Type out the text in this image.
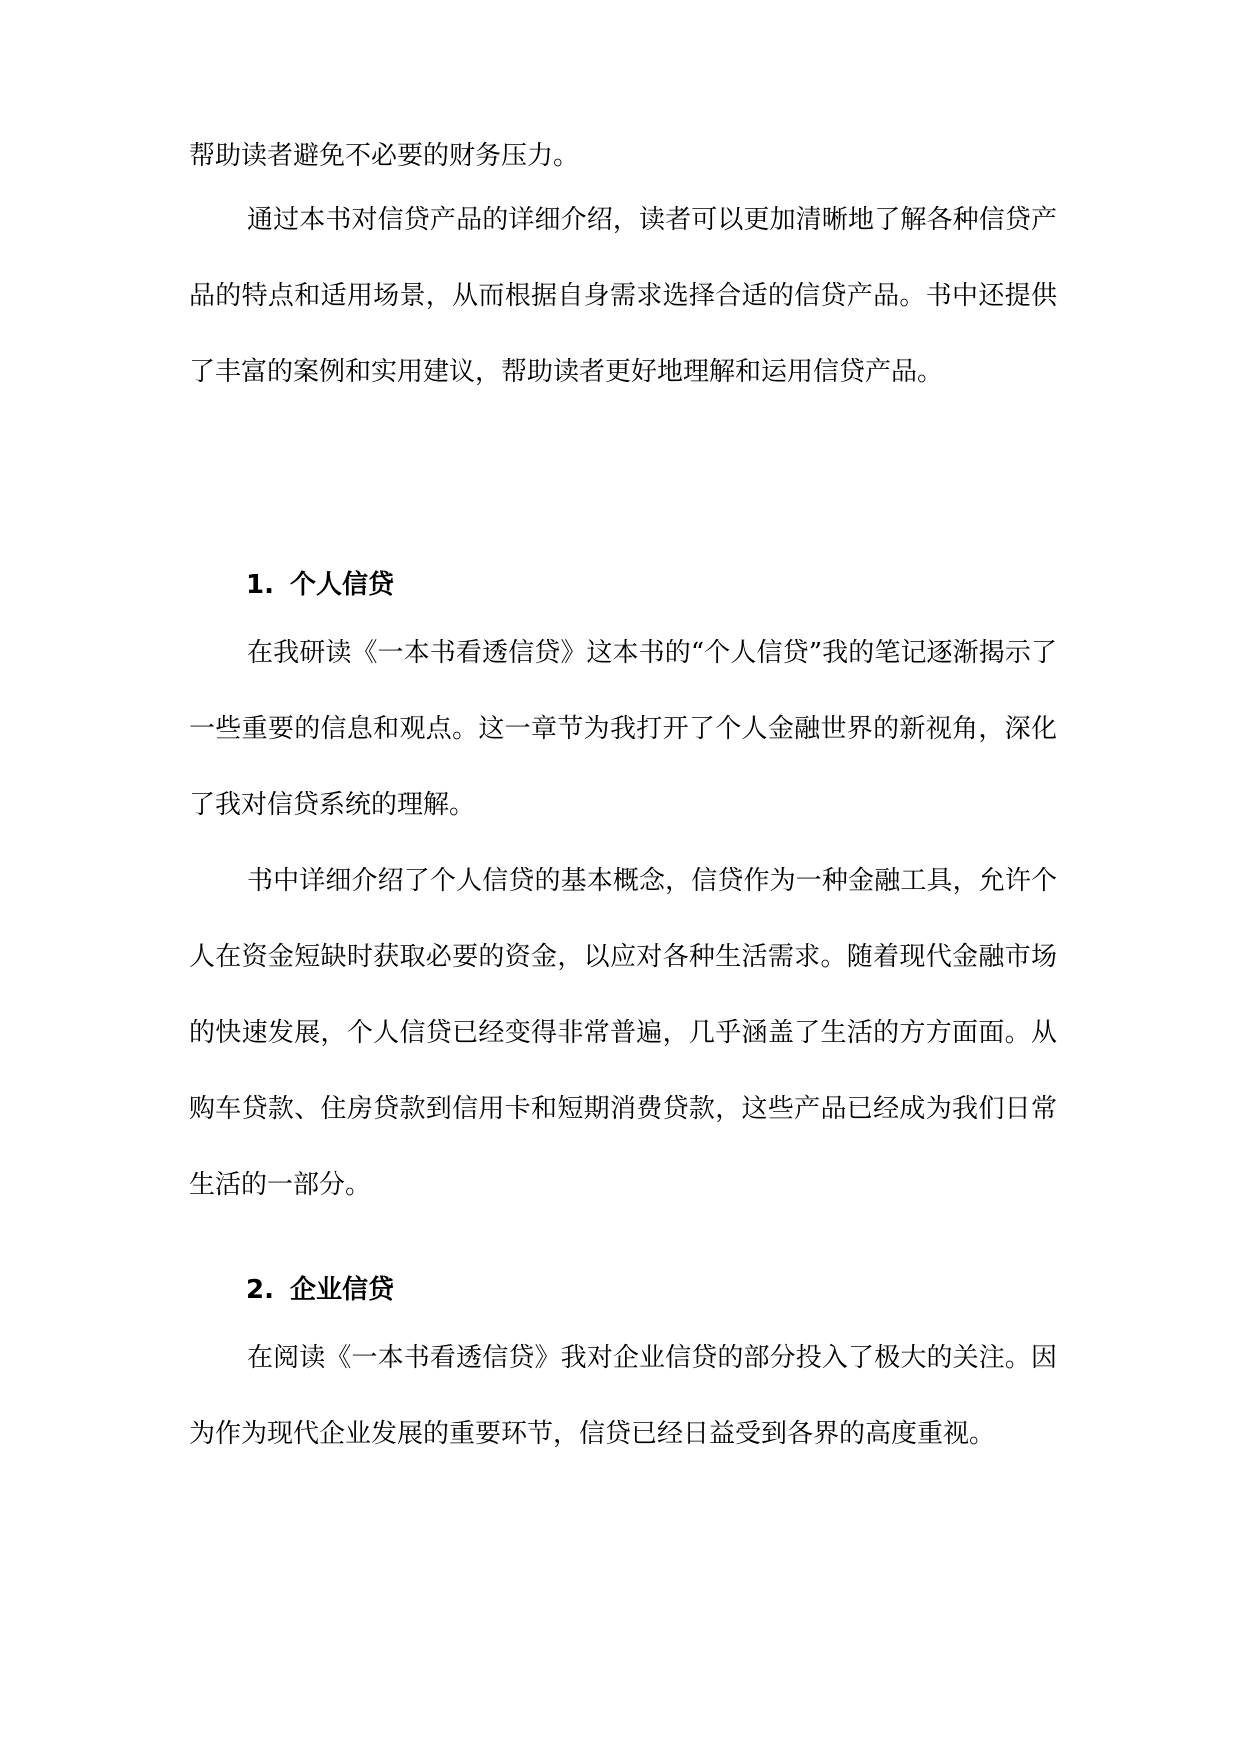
帮助读者避免不必要的财务压力。

通过本书对信贷产品的详细介绍，读者可以更加清晰地了解各种信贷产品的特点和适用场景，从而根据自身需求选择合适的信贷产品。书中还提供了丰富的案例和实用建议，帮助读者更好地理解和运用信贷产品。

1. 个人信贷

在我研读《一本书看透信贷》这本书的“个人信贷”我的笔记逐渐揭示了一些重要的信息和观点。这一章节为我打开了个人金融世界的新视角，深化了我对信贷系统的理解。

书中详细介绍了个人信贷的基本概念，信贷作为一种金融工具，允许个人在资金短缺时获取必要的资金，以应对各种生活需求。随着现代金融市场的快速发展，个人信贷已经变得非常普遍，几乎涵盖了生活的方方面面。从购车贷款、住房贷款到信用卡和短期消费贷款，这些产品已经成为我们日常生活的一部分。

2. 企业信贷

在阅读《一本书看透信贷》我对企业信贷的部分投入了极大的关注。因为作为现代企业发展的重要环节，信贷已经日益受到各界的高度重视。
